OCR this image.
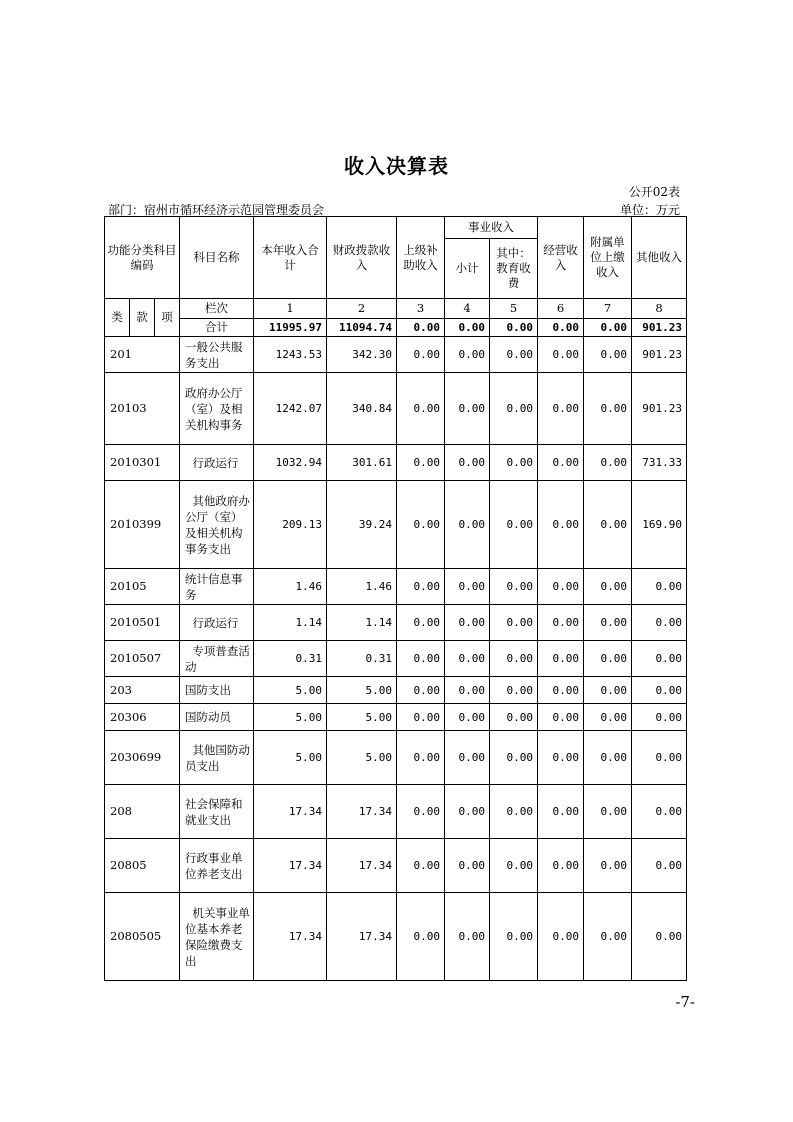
收入决算表
公开02表
部门：宿州市循环经济示范园管理委员会	单位：万元
功能分类科目编码			科目名称	本年收入合计	财政拨款收入	上级补助收入	事业收入		经营收入	附属单位上缴收入	其他收入
							小计	其中：教育收费			

类	款	项	栏次	1	2	3	4	5	6	7	8
			合计	11995.97	11094.74	0.00	0.00	0.00	0.00	0.00	901.23
201			一般公共服务支出	1243.53	342.30	0.00	0.00	0.00	0.00	0.00	901.23
20103			政府办公厅（室）及相关机构事务	1242.07	340.84	0.00	0.00	0.00	0.00	0.00	901.23
2010301			行政运行	1032.94	301.61	0.00	0.00	0.00	0.00	0.00	731.33
2010399			其他政府办公厅（室）及相关机构事务支出	209.13	39.24	0.00	0.00	0.00	0.00	0.00	169.90
20105			统计信息事务	1.46	1.46	0.00	0.00	0.00	0.00	0.00	0.00
2010501			行政运行	1.14	1.14	0.00	0.00	0.00	0.00	0.00	0.00
2010507			专项普查活动	0.31	0.31	0.00	0.00	0.00	0.00	0.00	0.00
203			国防支出	5.00	5.00	0.00	0.00	0.00	0.00	0.00	0.00
20306			国防动员	5.00	5.00	0.00	0.00	0.00	0.00	0.00	0.00
2030699			其他国防动员支出	5.00	5.00	0.00	0.00	0.00	0.00	0.00	0.00
208			社会保障和就业支出	17.34	17.34	0.00	0.00	0.00	0.00	0.00	0.00
20805			行政事业单位养老支出	17.34	17.34	0.00	0.00	0.00	0.00	0.00	0.00
2080505			机关事业单位基本养老保险缴费支出	17.34	17.34	0.00	0.00	0.00	0.00	0.00	0.00
-7-
